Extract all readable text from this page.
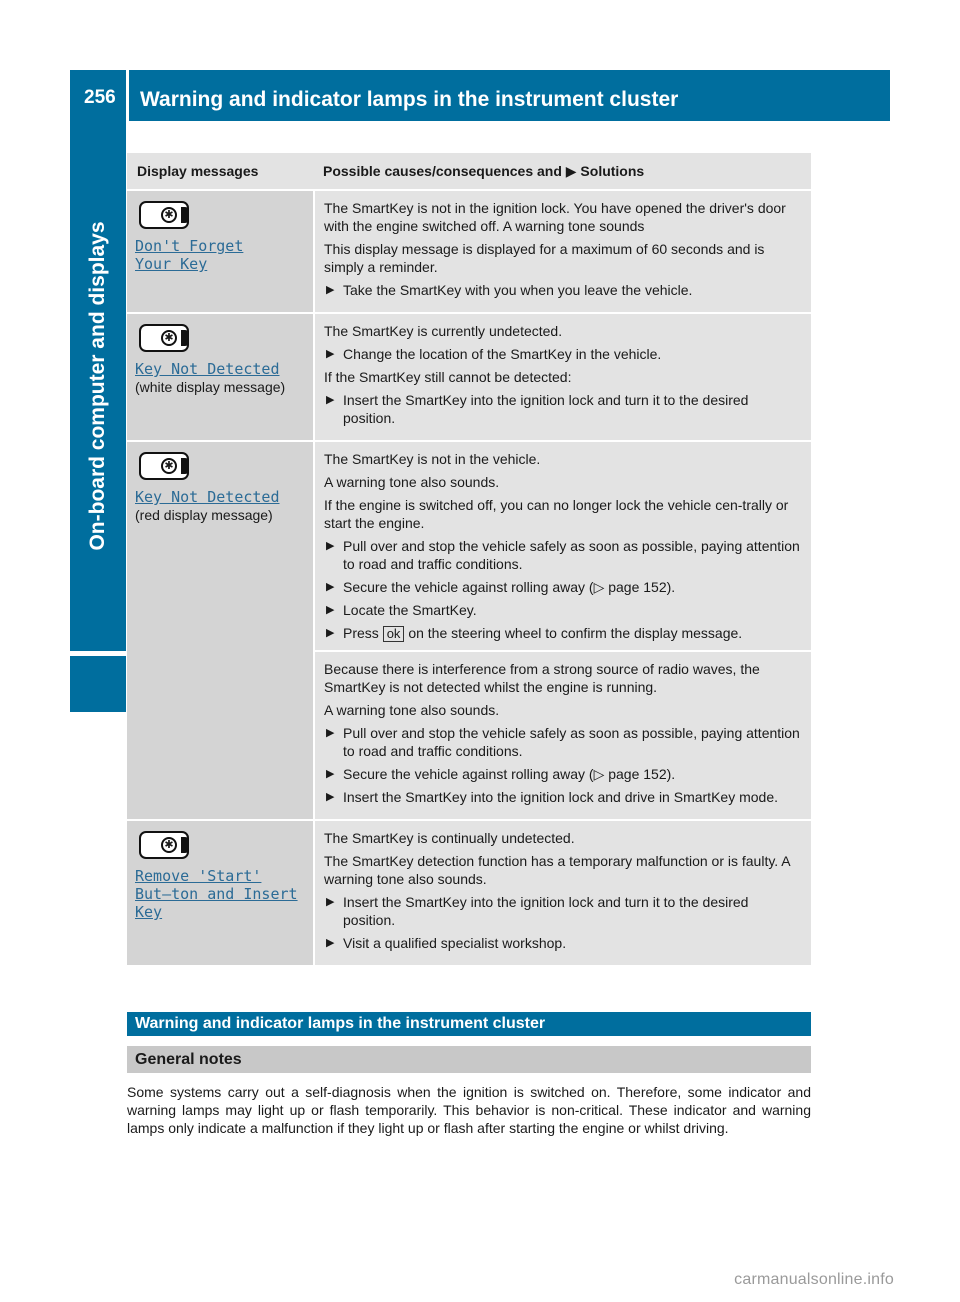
256	Warning and indicator lamps in the instrument cluster
On-board computer and displays
Display messages	Possible causes/consequences and ▶ Solutions
✱
Don't Forget Your Key

The SmartKey is not in the ignition lock. You have opened the driver's door with the engine switched off. A warning tone sounds

This display message is displayed for a maximum of 60 seconds and is simply a reminder.

▶ Take the SmartKey with you when you leave the vehicle.
✱
Key Not Detected
(white display message)

The SmartKey is currently undetected.

▶ Change the location of the SmartKey in the vehicle.

If the SmartKey still cannot be detected:

▶ Insert the SmartKey into the ignition lock and turn it to the desired position.
✱
Key Not Detected
(red display message)

The SmartKey is not in the vehicle.

A warning tone also sounds.

If the engine is switched off, you can no longer lock the vehicle cen-trally or start the engine.

▶ Pull over and stop the vehicle safely as soon as possible, paying attention to road and traffic conditions.
▶ Secure the vehicle against rolling away (▷ page 152).
▶ Locate the SmartKey.
▶ Press ok on the steering wheel to confirm the display message.

Because there is interference from a strong source of radio waves, the SmartKey is not detected whilst the engine is running.

A warning tone also sounds.

▶ Pull over and stop the vehicle safely as soon as possible, paying attention to road and traffic conditions.
▶ Secure the vehicle against rolling away (▷ page 152).
▶ Insert the SmartKey into the ignition lock and drive in SmartKey mode.
✱
Remove 'Start' But–ton and Insert Key

The SmartKey is continually undetected.

The SmartKey detection function has a temporary malfunction or is faulty. A warning tone also sounds.

▶ Insert the SmartKey into the ignition lock and turn it to the desired position.
▶ Visit a qualified specialist workshop.
Warning and indicator lamps in the instrument cluster
General notes
Some systems carry out a self-diagnosis when the ignition is switched on. Therefore, some indicator and warning lamps may light up or flash temporarily. This behavior is non-critical. These indicator and warning lamps only indicate a malfunction if they light up or flash after starting the engine or whilst driving.
carmanualsonline.info
